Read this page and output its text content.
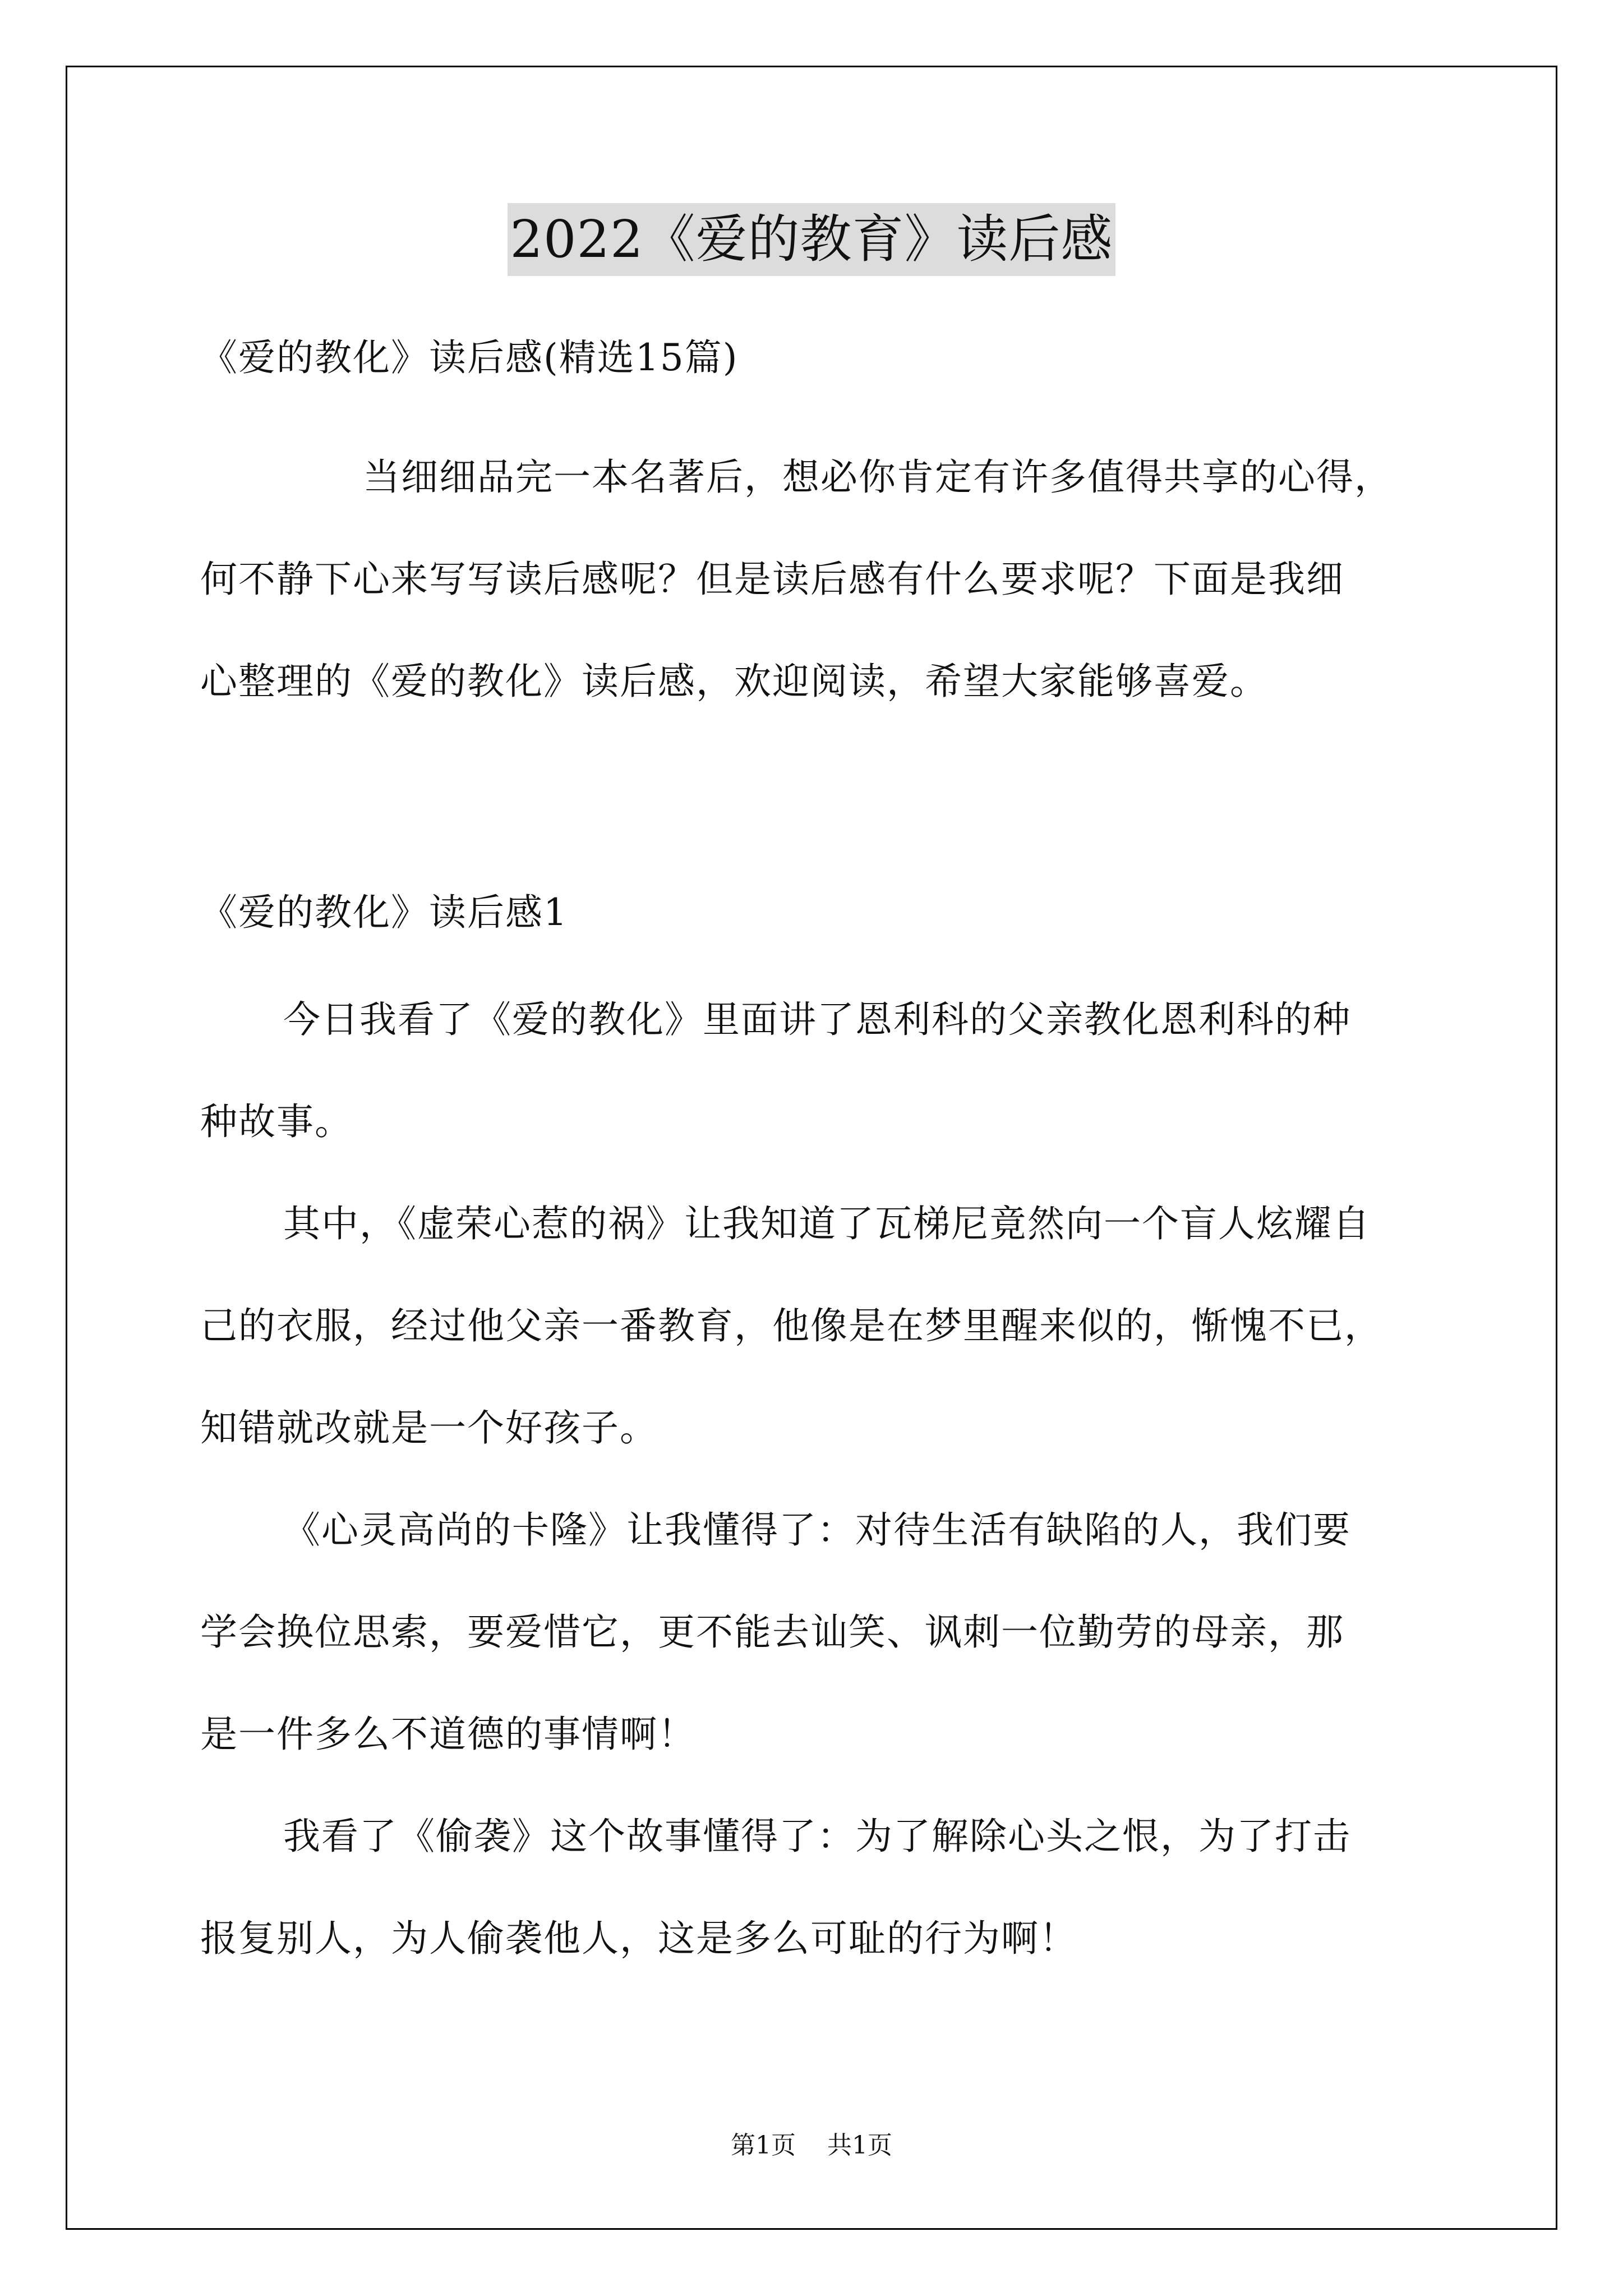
2022《爱的教育》读后感
《爱的教化》读后感(精选15篇)
当细细品完一本名著后，想必你肯定有许多值得共享的心得，
何不静下心来写写读后感呢？但是读后感有什么要求呢？下面是我细
心整理的《爱的教化》读后感，欢迎阅读，希望大家能够喜爱。
《爱的教化》读后感1
今日我看了《爱的教化》里面讲了恩利科的父亲教化恩利科的种
种故事。
其中，《虚荣心惹的祸》让我知道了瓦梯尼竟然向一个盲人炫耀自
己的衣服，经过他父亲一番教育，他像是在梦里醒来似的，惭愧不已，
知错就改就是一个好孩子。
《心灵高尚的卡隆》让我懂得了：对待生活有缺陷的人，我们要
学会换位思索，要爱惜它，更不能去讪笑、讽刺一位勤劳的母亲，那
是一件多么不道德的事情啊！
我看了《偷袭》这个故事懂得了：为了解除心头之恨，为了打击
报复别人，为人偷袭他人，这是多么可耻的行为啊！
第1页 共1页
